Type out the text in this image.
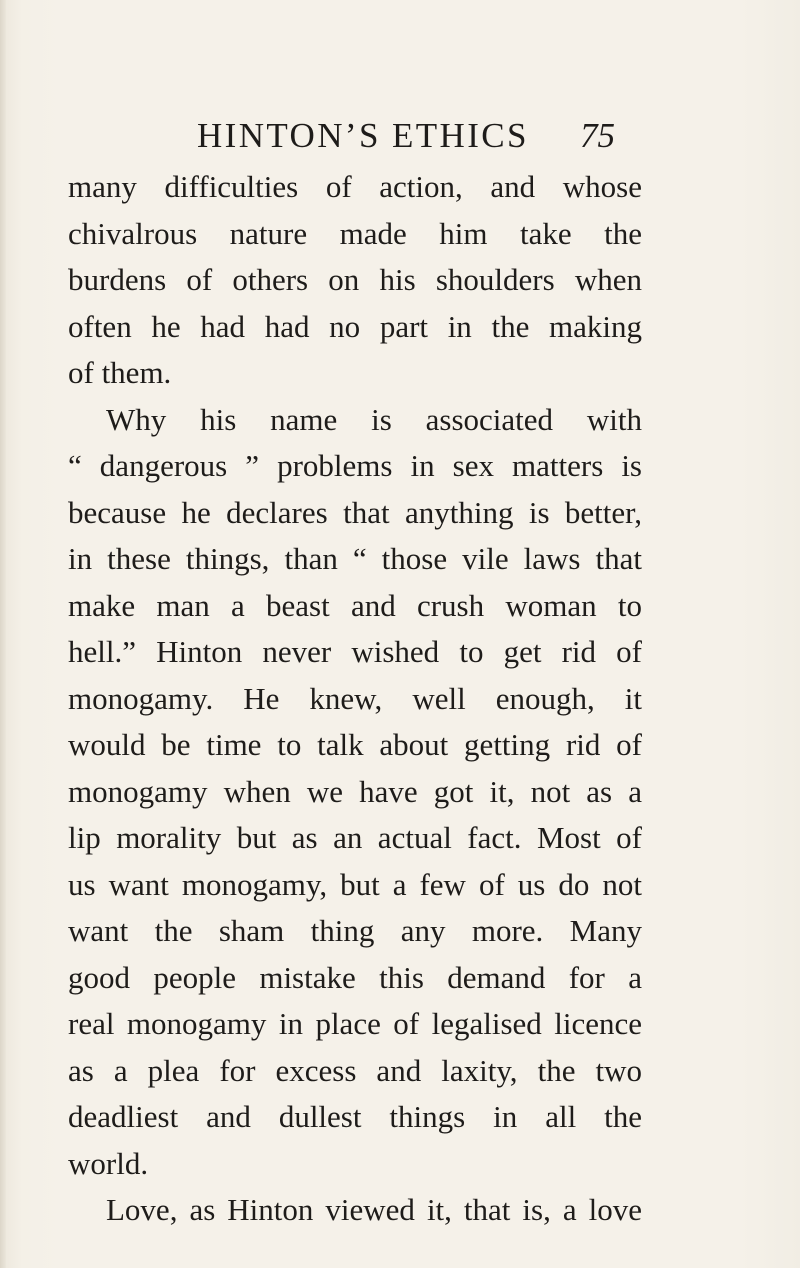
HINTON’S ETHICS 75
many difficulties of action, and whose
chivalrous nature made him take the
burdens of others on his shoulders when
often he had had no part in the making
of them.
Why his name is associated with
“ dangerous ” problems in sex matters is
because he declares that anything is better,
in these things, than “ those vile laws that
make man a beast and crush woman to
hell.” Hinton never wished to get rid of
monogamy. He knew, well enough, it
would be time to talk about getting rid of
monogamy when we have got it, not as a
lip morality but as an actual fact. Most of
us want monogamy, but a few of us do not
want the sham thing any more. Many
good people mistake this demand for a
real monogamy in place of legalised licence
as a plea for excess and laxity, the two
deadliest and dullest things in all the
world.
Love, as Hinton viewed it, that is, a love
